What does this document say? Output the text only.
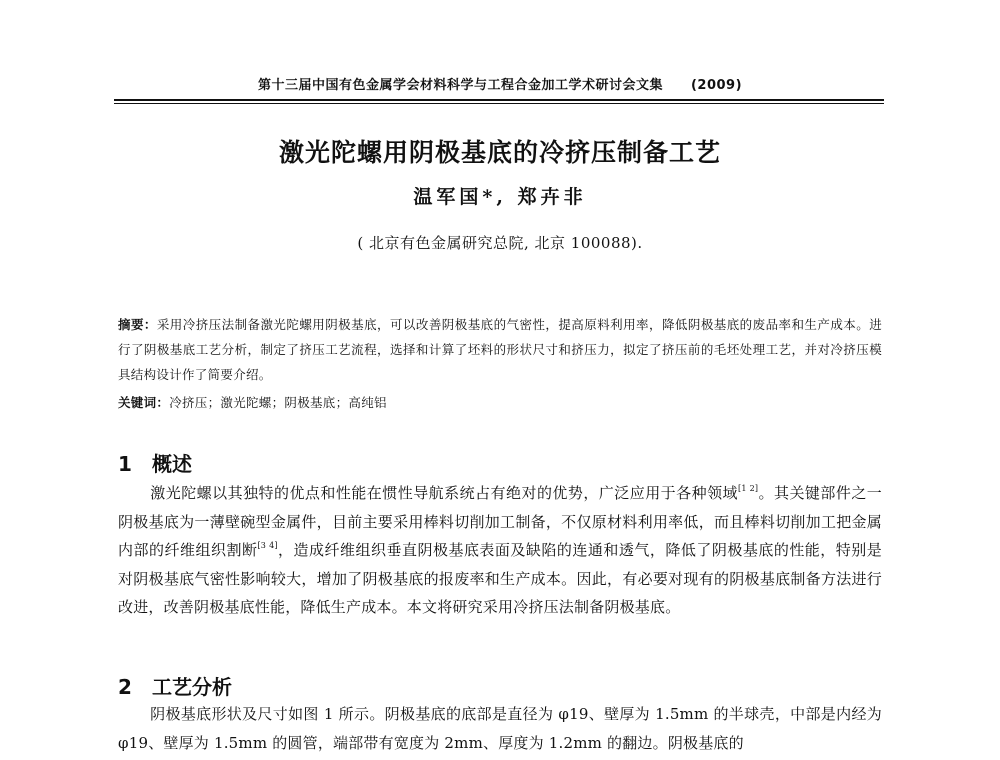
第十三届中国有色金属学会材料科学与工程合金加工学术研讨会文集 (2009)
激光陀螺用阴极基底的冷挤压制备工艺
温军国*, 郑卉非
( 北京有色金属研究总院, 北京 100088).
摘要：采用冷挤压法制备激光陀螺用阴极基底，可以改善阴极基底的气密性，提高原料利用率，降低阴极基底的废品率和生产成本。进行了阴极基底工艺分析，制定了挤压工艺流程，选择和计算了坯料的形状尺寸和挤压力，拟定了挤压前的毛坯处理工艺，并对冷挤压模具结构设计作了简要介绍。
关键词：冷挤压；激光陀螺；阴极基底；高纯铝
1 概述
激光陀螺以其独特的优点和性能在惯性导航系统占有绝对的优势，广泛应用于各种领域[1 2]。其关键部件之一阴极基底为一薄壁碗型金属件，目前主要采用棒料切削加工制备，不仅原材料利用率低，而且棒料切削加工把金属内部的纤维组织割断[3 4]，造成纤维组织垂直阴极基底表面及缺陷的连通和透气，降低了阴极基底的性能，特别是对阴极基底气密性影响较大，增加了阴极基底的报废率和生产成本。因此，有必要对现有的阴极基底制备方法进行改进，改善阴极基底性能，降低生产成本。本文将研究采用冷挤压法制备阴极基底。
2 工艺分析
阴极基底形状及尺寸如图 1 所示。阴极基底的底部是直径为 φ19、壁厚为 1.5mm 的半球壳，中部是内经为 φ19、壁厚为 1.5mm 的圆管，端部带有宽度为 2mm、厚度为 1.2mm 的翻边。阴极基底的
